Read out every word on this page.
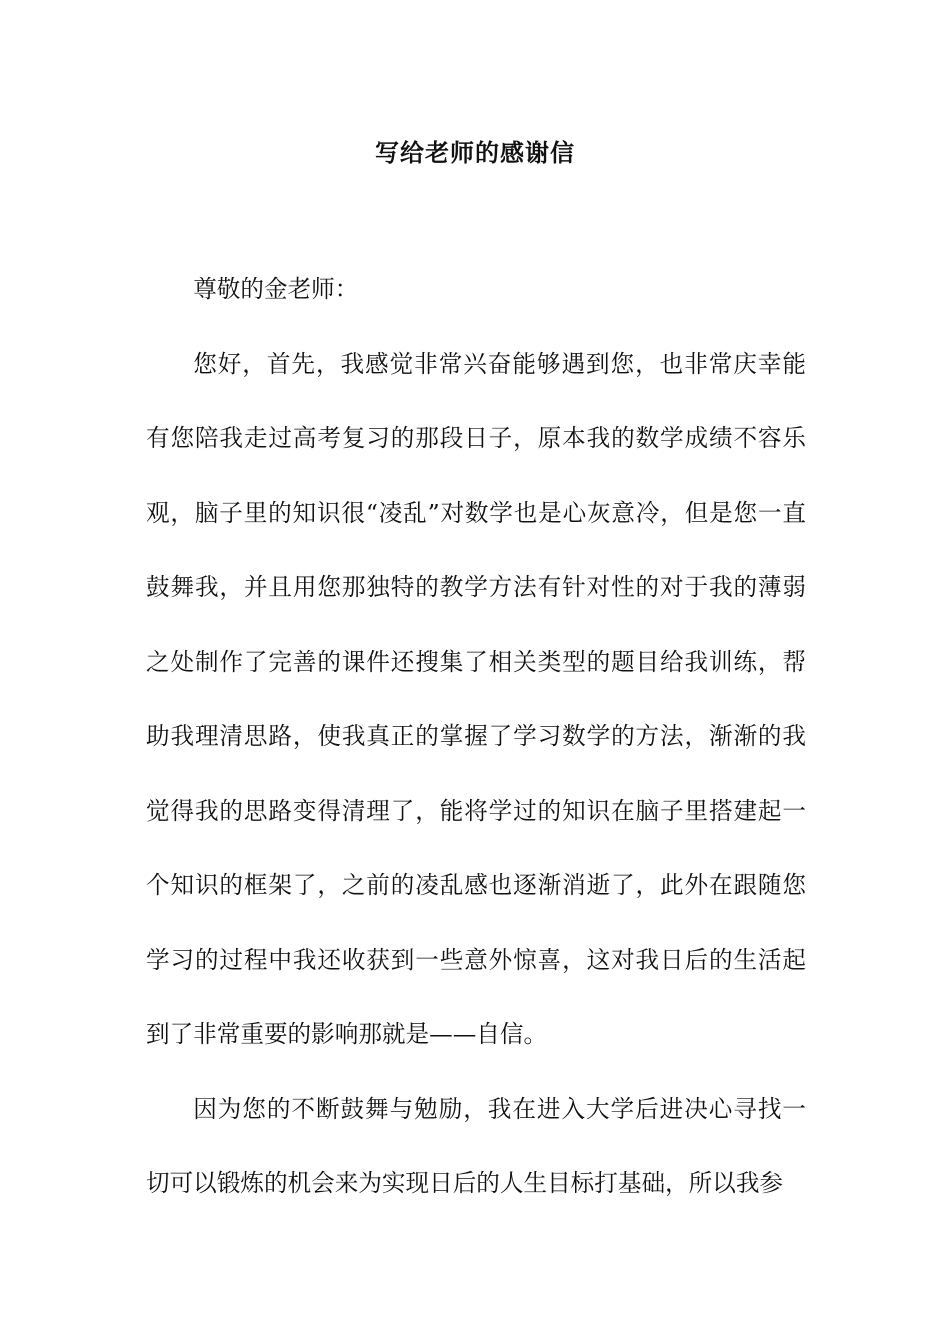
写给老师的感谢信

尊敬的金老师：

您好，首先，我感觉非常兴奋能够遇到您，也非常庆幸能有您陪我走过高考复习的那段日子，原本我的数学成绩不容乐观，脑子里的知识很“凌乱”对数学也是心灰意冷，但是您一直鼓舞我，并且用您那独特的教学方法有针对性的对于我的薄弱之处制作了完善的课件还搜集了相关类型的题目给我训练，帮助我理清思路，使我真正的掌握了学习数学的方法，渐渐的我觉得我的思路变得清理了，能将学过的知识在脑子里搭建起一个知识的框架了，之前的凌乱感也逐渐消逝了，此外在跟随您学习的过程中我还收获到一些意外惊喜，这对我日后的生活起到了非常重要的影响那就是——自信。

因为您的不断鼓舞与勉励，我在进入大学后进决心寻找一切可以锻炼的机会来为实现日后的人生目标打基础，所以我参
